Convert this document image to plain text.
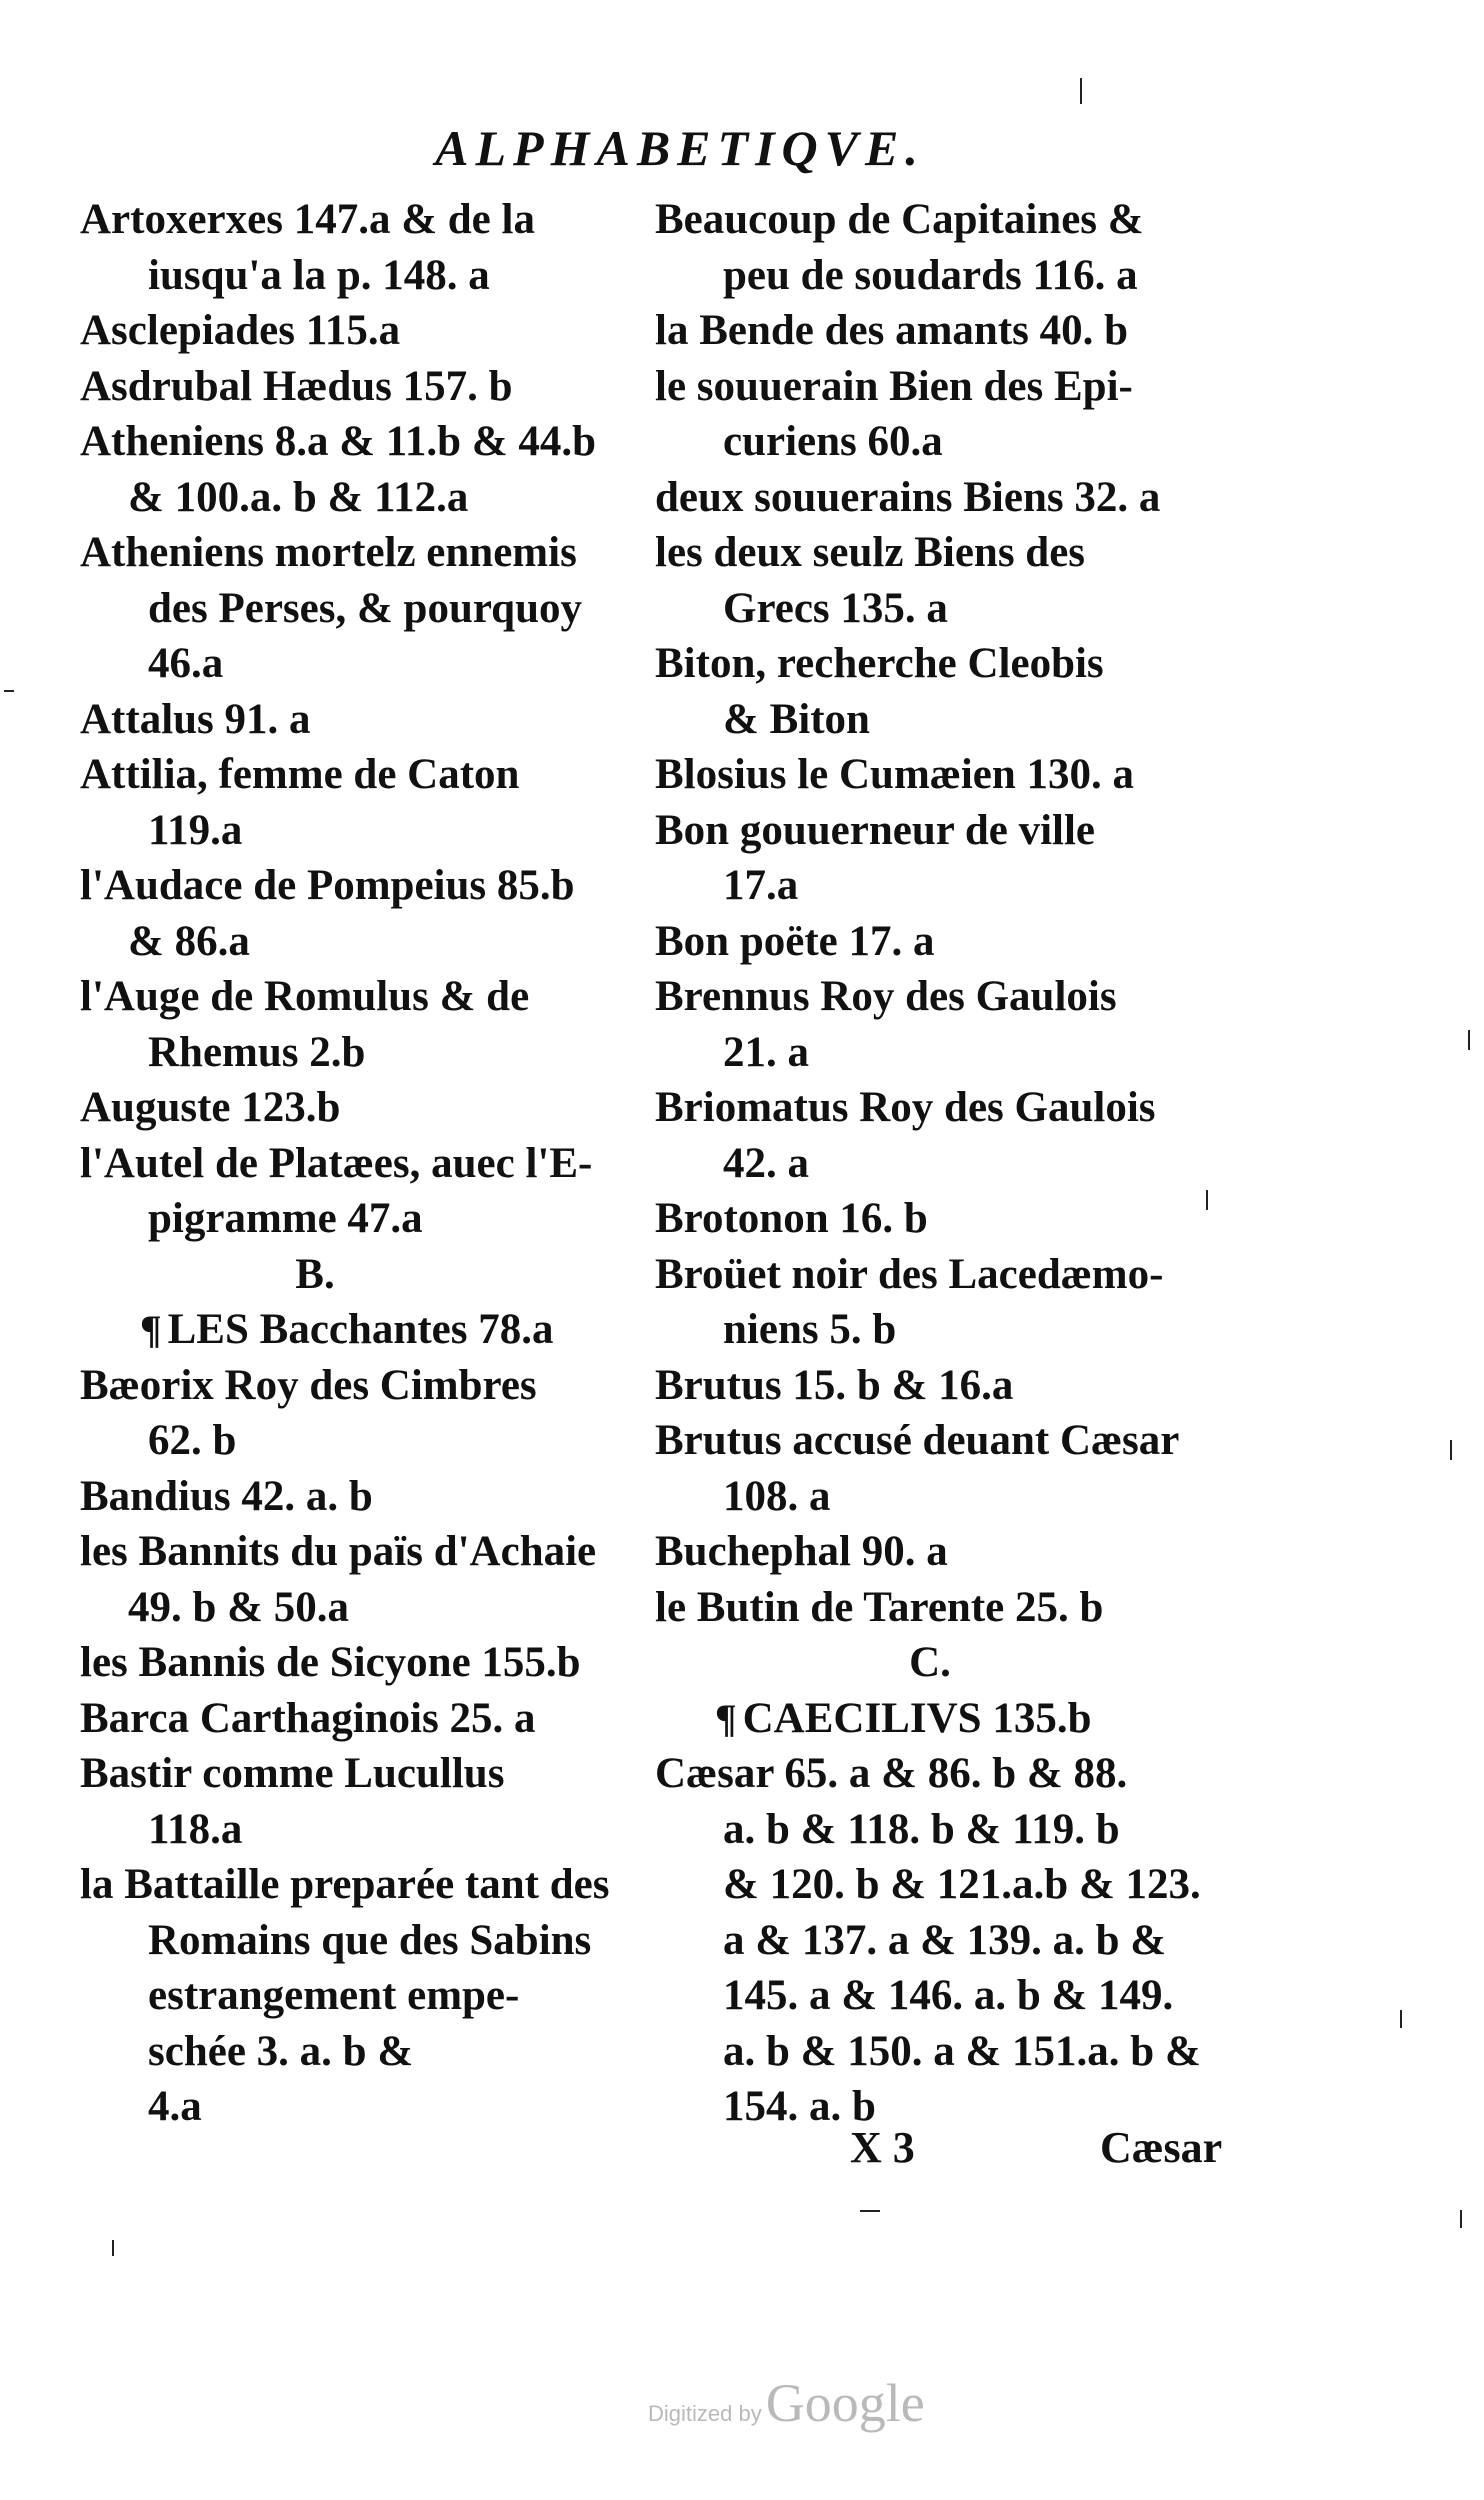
ALPHABETIQVE.
Artoxerxes 147.a & de la
iusqu'a la p. 148. a
Asclepiades 115.a
Asdrubal Hædus 157. b
Atheniens 8.a & 11.b & 44.b
& 100.a. b & 112.a
Atheniens mortelz ennemis
des Perses, & pourquoy
46.a
Attalus 91. a
Attilia, femme de Caton
119.a
l'Audace de Pompeius 85.b
& 86.a
l'Auge de Romulus & de
Rhemus 2.b
Auguste 123.b
l'Autel de Platæes, auec l'E-
pigramme 47.a
B.
¶ LES Bacchantes 78.a
Bæorix Roy des Cimbres
62. b
Bandius 42. a. b
les Bannits du païs d'Achaie
49. b & 50.a
les Bannis de Sicyone 155.b
Barca Carthaginois 25. a
Bastir comme Lucullus
118.a
la Battaille preparée tant des
Romains que des Sabins
estrangement empe-
schée 3. a. b &
4.a
Beaucoup de Capitaines &
peu de soudards 116. a
la Bende des amants 40. b
le souuerain Bien des Epi-
curiens 60.a
deux souuerains Biens 32. a
les deux seulz Biens des
Grecs 135. a
Biton, recherche Cleobis
& Biton
Blosius le Cumæien 130. a
Bon gouuerneur de ville
17.a
Bon poëte 17. a
Brennus Roy des Gaulois
21. a
Briomatus Roy des Gaulois
42. a
Brotonon 16. b
Broüet noir des Lacedæmo-
niens 5. b
Brutus 15. b & 16.a
Brutus accusé deuant Cæsar
108. a
Buchephal 90. a
le Butin de Tarente 25. b
C.
¶ CAECILIVS 135.b
Cæsar 65. a & 86. b & 88.
a. b & 118. b & 119. b
& 120. b & 121.a.b & 123.
a & 137. a & 139. a. b &
145. a & 146. a. b & 149.
a. b & 150. a & 151.a. b &
154. a. b
X 3	Cæsar
Digitized by Google
